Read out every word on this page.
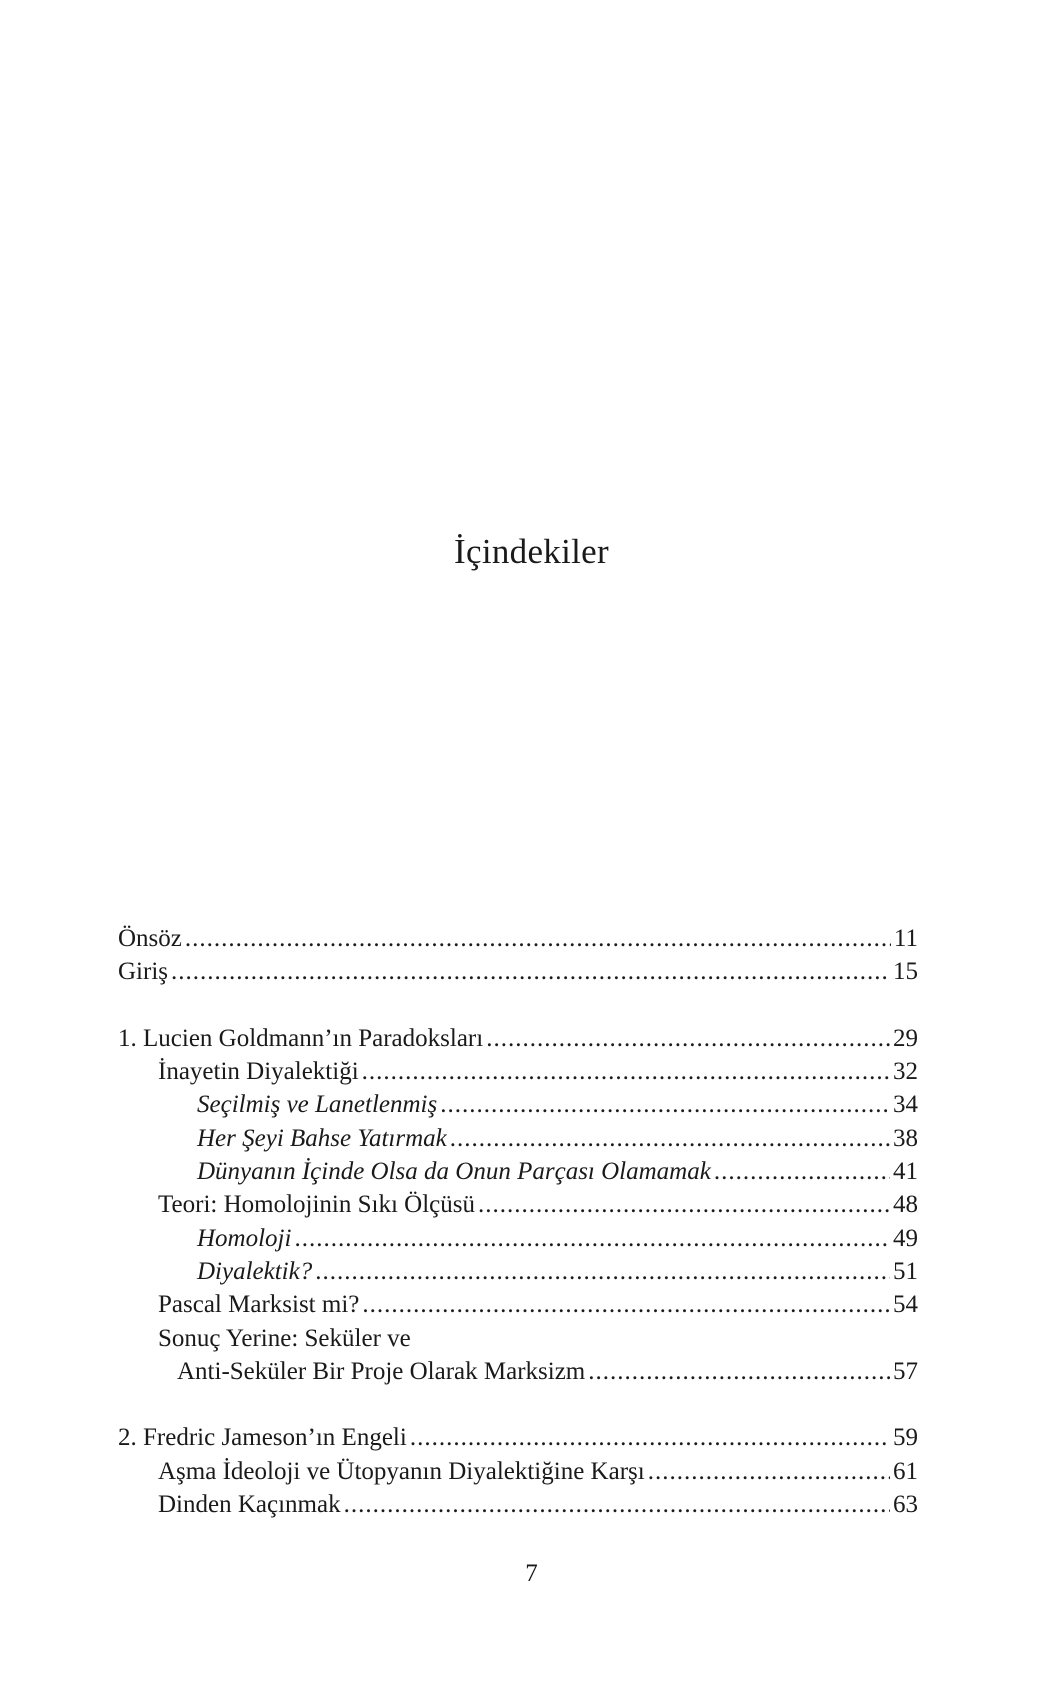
İçindekiler
Önsöz .....	11
Giriş .....	15
1. Lucien Goldmann’ın Paradoksları .....	29
İnayetin Diyalektiği .....	32
Seçilmiş ve Lanetlenmiş .....	34
Her Şeyi Bahse Yatırmak .....	38
Dünyanın İçinde Olsa da Onun Parçası Olamamak .....	41
Teori: Homolojinin Sıkı Ölçüsü .....	48
Homoloji .....	49
Diyalektik? .....	51
Pascal Marksist mi? .....	54
Sonuç Yerine: Seküler ve
Anti-Seküler Bir Proje Olarak Marksizm .....	57
2. Fredric Jameson’ın Engeli .....	59
Aşma İdeoloji ve Ütopyanın Diyalektiğine Karşı .....	61
Dinden Kaçınmak .....	63
7
